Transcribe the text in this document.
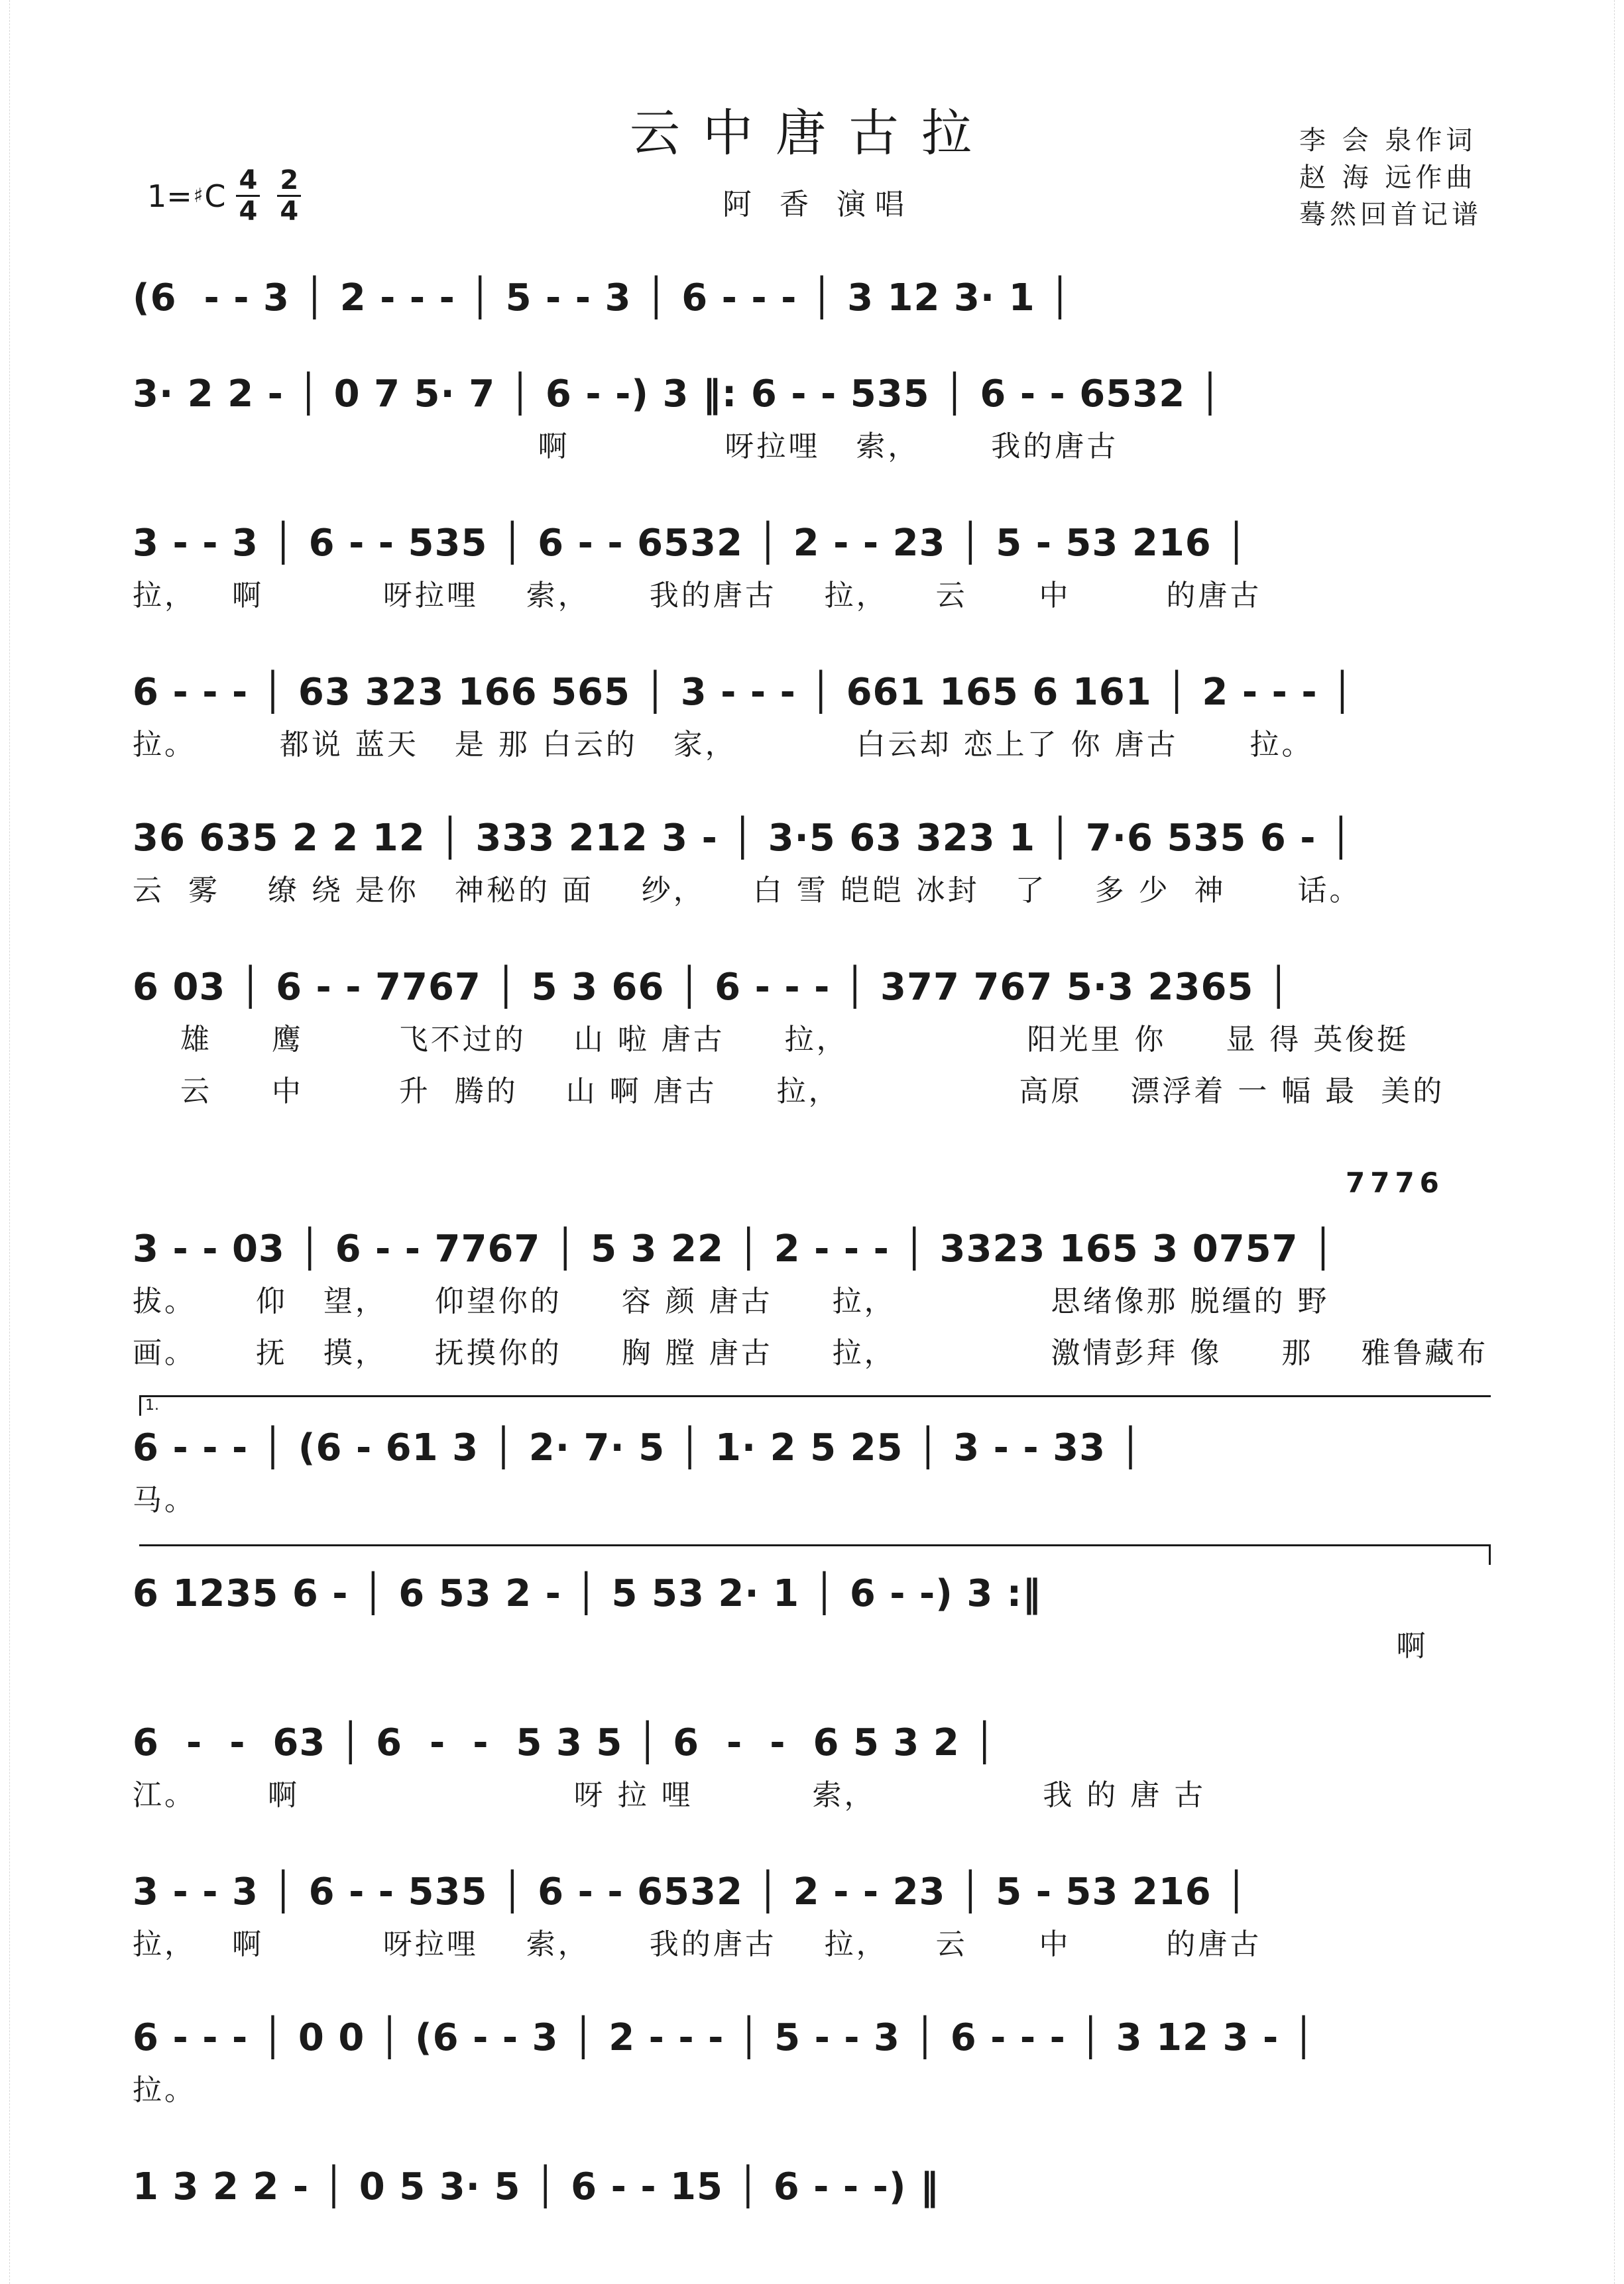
云中唐古拉
1= ♯ C $\frac{4}{4} \frac{2}{4}$	阿 香 演唱
李 会 泉作词
赵 海 远作曲
蓦然回首记谱
(6  - - 3 │ 2 - - - │ 5 - - 3 │ 6 - - - │ 3 12 3· 1 │
3· 2 2 - │ 0 7 5· 7 │ 6 - -) 3 ‖: 6 - - 535 │ 6 - - 6532 │
啊             呀拉哩   索，      我的唐古
3 - - 3 │ 6 - - 535 │ 6 - - 6532 │ 2 - - 23 │ 5 - 53 216 │
拉，   啊          呀拉哩    索，     我的唐古    拉，    云      中        的唐古
6 - - - │ 63 323 166 565 │ 3 - - - │ 661 165 6 161 │ 2 - - - │
拉。       都说 蓝天   是 那 白云的   家，          白云却 恋上了 你 唐古      拉。
36 635 2 2 12 │ 333 212 3 - │ 3·5 63 323 1 │ 7·6 535 6 - │
云  雾    缭 绕 是你   神秘的 面    纱，    白 雪 皑皑 冰封   了    多 少  神      话。
6 03 │ 6 - - 7767 │ 5 3 66 │ 6 - - - │ 377 767 5·3 2365 │
雄     鹰        飞不过的    山 啦 唐古     拉，               阳光里 你     显 得 英俊挺
云     中        升  腾的    山 啊 唐古     拉，               高原    漂浮着 一 幅 最  美的
7776
3 - - 03 │ 6 - - 7767 │ 5 3 22 │ 2 - - - │ 3323 165 3 0757 │
拔。     仰   望，    仰望你的     容 颜 唐古     拉，             思绪像那 脱缰的 野
画。     抚   摸，    抚摸你的     胸 膛 唐古     拉，             激情彭拜 像     那    雅鲁藏布
1.
6 - - - │ (6 - 61 3 │ 2· 7· 5 │ 1· 2 5 25 │ 3 - - 33 │
马。
6 1235 6 - │ 6 53 2 - │ 5 53 2· 1 │ 6 - -) 3 :‖
啊
6  -  -  63 │ 6  -  -  5 3 5 │ 6  -  -  6 5 3 2 │
江。      啊                       呀 拉 哩          索，              我 的 唐 古
3 - - 3 │ 6 - - 535 │ 6 - - 6532 │ 2 - - 23 │ 5 - 53 216 │
拉，   啊          呀拉哩    索，     我的唐古    拉，    云      中        的唐古
6 - - - │ 0 0 │ (6 - - 3 │ 2 - - - │ 5 - - 3 │ 6 - - - │ 3 12 3 - │
拉。
1 3 2 2 - │ 0 5 3· 5 │ 6 - - 15 │ 6 - - -) ‖
